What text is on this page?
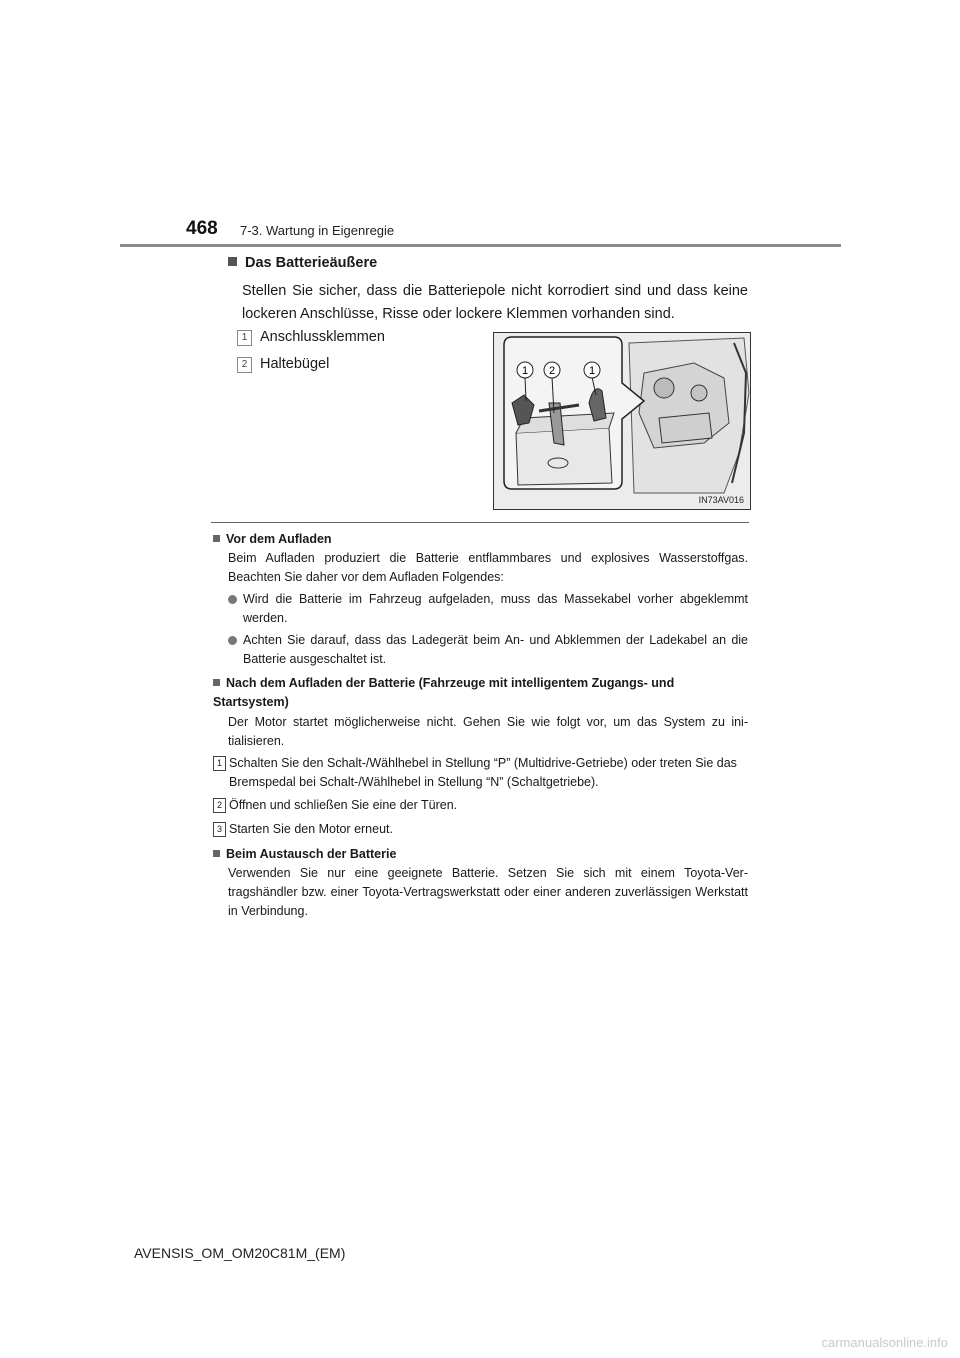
468 7-3. Wartung in Eigenregie
Das Batterieäußere
Stellen Sie sicher, dass die Batteriepole nicht korrodiert sind und dass keine lockeren Anschlüsse, Risse oder lockere Klemmen vorhanden sind.
1 Anschlussklemmen
2 Haltebügel	1 2	1
IN73AV016
Vor dem Aufladen
Beim Aufladen produziert die Batterie entflammbares und explosives Wasserstoffgas. Beachten Sie daher vor dem Aufladen Folgendes:
Wird die Batterie im Fahrzeug aufgeladen, muss das Massekabel vorher abgeklemmt werden.
Achten Sie darauf, dass das Ladegerät beim An- und Abklemmen der Ladekabel an die Batterie ausgeschaltet ist.
Nach dem Aufladen der Batterie (Fahrzeuge mit intelligentem Zugangs- und Startsystem)
Der Motor startet möglicherweise nicht. Gehen Sie wie folgt vor, um das System zu initialisieren.
1 Schalten Sie den Schalt-/Wählhebel in Stellung “P” (Multidrive-Getriebe) oder treten Sie das Bremspedal bei Schalt-/Wählhebel in Stellung “N” (Schaltgetriebe).
2 Öffnen und schließen Sie eine der Türen.
3 Starten Sie den Motor erneut.
Beim Austausch der Batterie
Verwenden Sie nur eine geeignete Batterie. Setzen Sie sich mit einem Toyota-Vertragshändler bzw. einer Toyota-Vertragswerkstatt oder einer anderen zuverlässigen Werkstatt in Verbindung.
AVENSIS_OM_OM20C81M_(EM)
carmanualsonline.info
